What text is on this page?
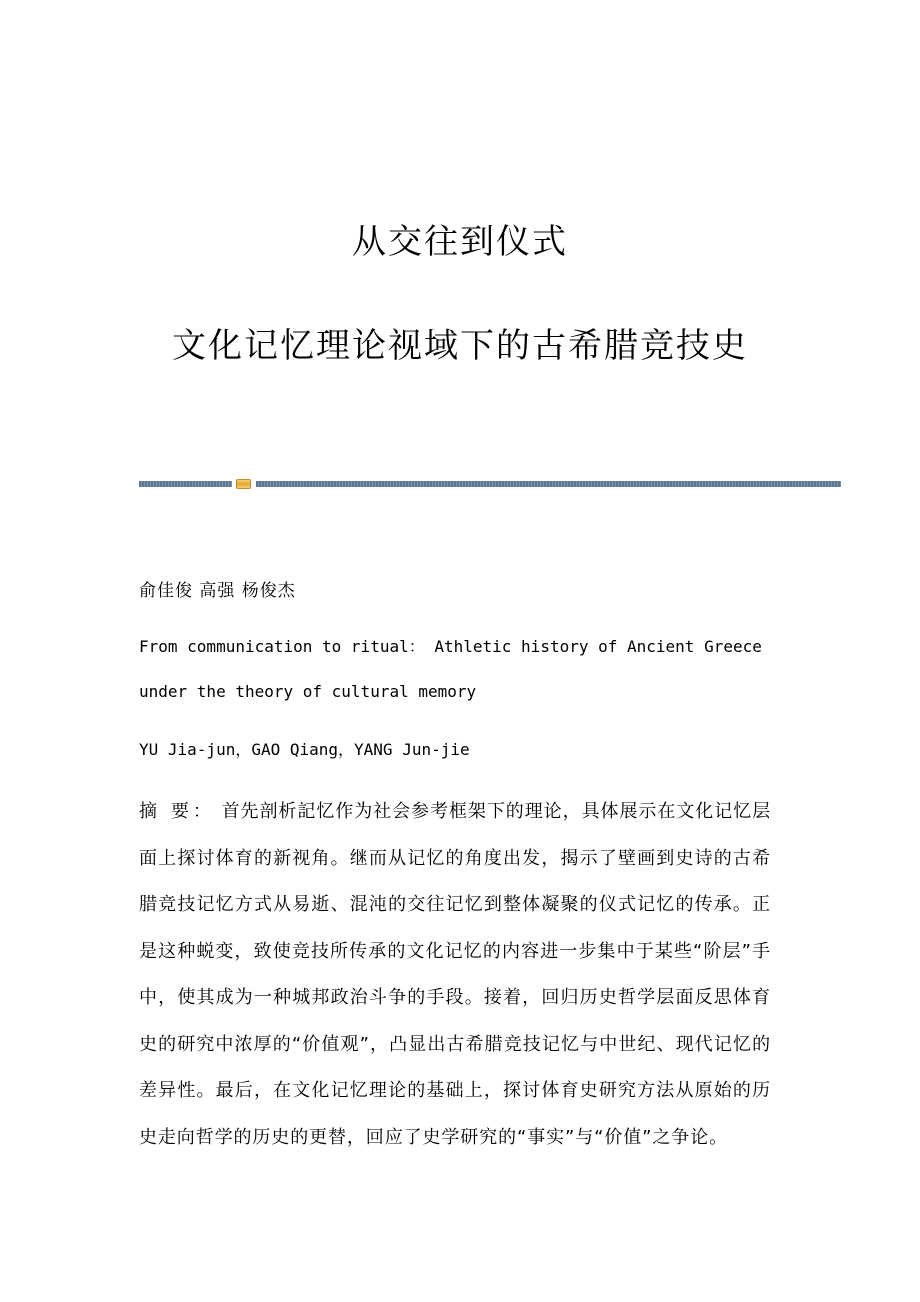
从交往到仪式
文化记忆理论视域下的古希腊竞技史

俞佳俊 高强 杨俊杰

From communication to ritual： Athletic history of Ancient Greece

under the theory of cultural memory

YU Jia-jun，GAO Qiang，YANG Jun-jie

摘 要： 首先剖析記忆作为社会参考框架下的理论，具体展示在文化记忆层面上探讨体育的新视角。继而从记忆的角度出发，揭示了壁画到史诗的古希腊竞技记忆方式从易逝、混沌的交往记忆到整体凝聚的仪式记忆的传承。正是这种蜕变，致使竞技所传承的文化记忆的内容进一步集中于某些“阶层”手中，使其成为一种城邦政治斗争的手段。接着，回归历史哲学层面反思体育史的研究中浓厚的“价值观”，凸显出古希腊竞技记忆与中世纪、现代记忆的差异性。最后，在文化记忆理论的基础上，探讨体育史研究方法从原始的历史走向哲学的历史的更替，回应了史学研究的“事实”与“价值”之争论。
